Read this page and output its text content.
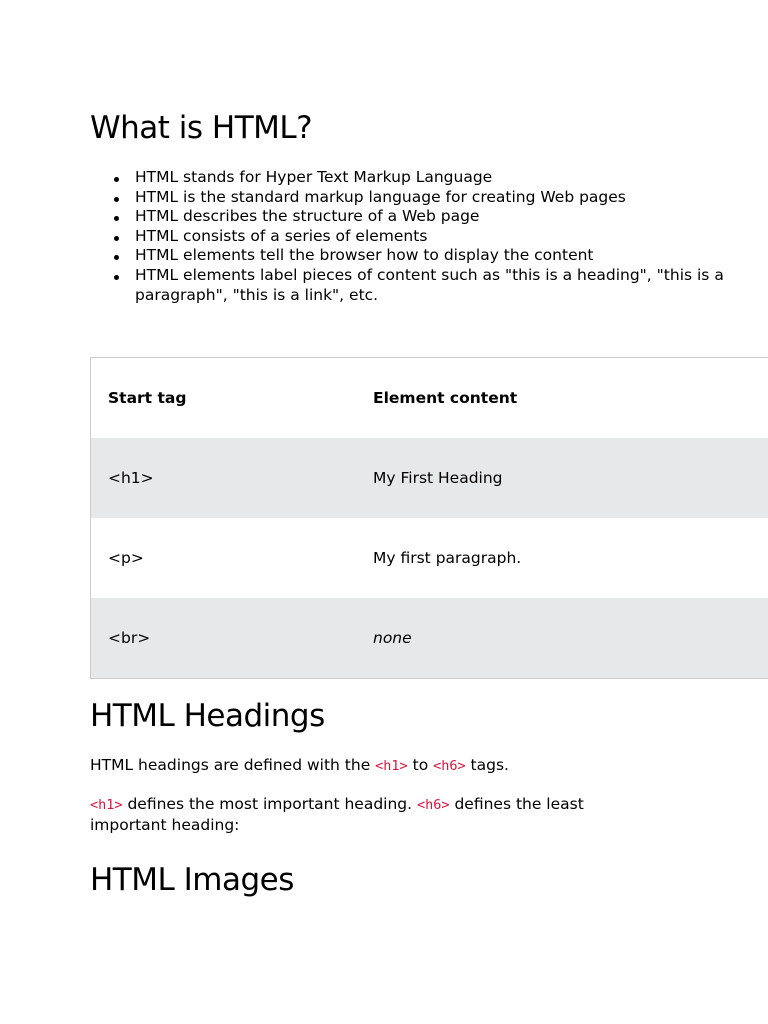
What is HTML?
HTML stands for Hyper Text Markup Language
HTML is the standard markup language for creating Web pages
HTML describes the structure of a Web page
HTML consists of a series of elements
HTML elements tell the browser how to display the content
HTML elements label pieces of content such as "this is a heading", "this is a paragraph", "this is a link", etc.
Start tag	Element content
<h1>	My First Heading
<p>	My first paragraph.
<br>	none
HTML Headings

HTML headings are defined with the <h1> to <h6> tags.

<h1> defines the most important heading. <h6> defines the least important heading:

HTML Images
